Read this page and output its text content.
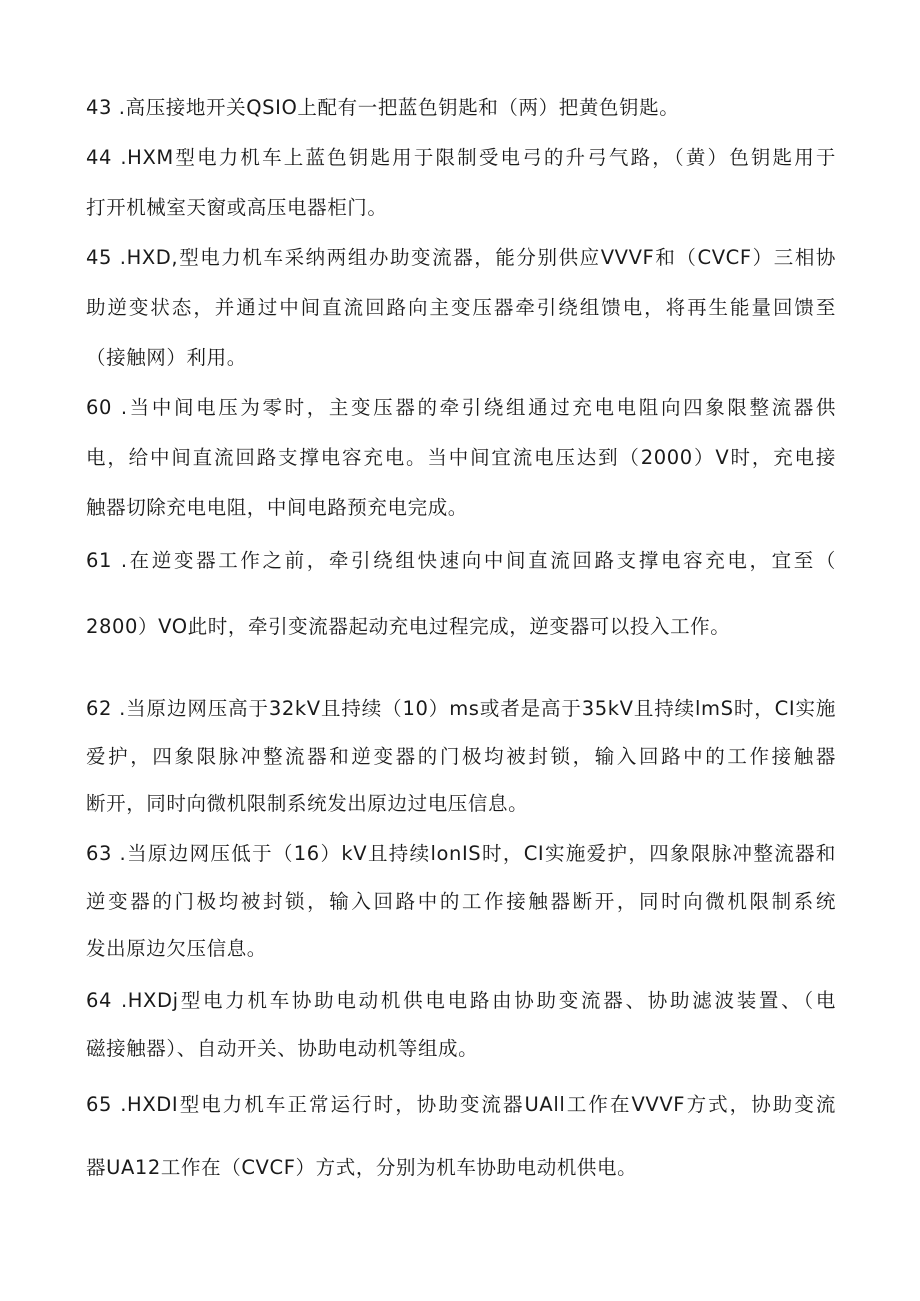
43 .高压接地开关QSIO上配有一把蓝色钥匙和（两）把黄色钥匙。
44 .HXM型电力机车上蓝色钥匙用于限制受电弓的升弓气路，（黄）色钥匙用于
打开机械室天窗或高压电器柜门。
45 .HXD,型电力机车采纳两组办助变流器，能分别供应VVVF和（CVCF）三相协
助逆变状态，并通过中间直流回路向主变压器牵引绕组馈电，将再生能量回馈至
（接触网）利用。
60 .当中间电压为零时，主变压器的牵引绕组通过充电电阻向四象限整流器供
电，给中间直流回路支撑电容充电。当中间宜流电压达到（2000）V时，充电接
触器切除充电电阻，中间电路预充电完成。
61 .在逆变器工作之前，牵引绕组快速向中间直流回路支撑电容充电，宜至（
2800）VO此时，牵引变流器起动充电过程完成，逆变器可以投入工作。
62 .当原边网压高于32kV且持续（10）ms或者是高于35kV且持续lmS时，CI实施
爱护，四象限脉冲整流器和逆变器的门极均被封锁，输入回路中的工作接触器
断开，同时向微机限制系统发出原边过电压信息。
63 .当原边网压低于（16）kV且持续lonIS时，CI实施爱护，四象限脉冲整流器和
逆变器的门极均被封锁，输入回路中的工作接触器断开，同时向微机限制系统
发出原边欠压信息。
64 .HXDj型电力机车协助电动机供电电路由协助变流器、协助滤波装置、（电
磁接触器）、自动开关、协助电动机等组成。
65 .HXDI型电力机车正常运行时，协助变流器UAll工作在VVVF方式，协助变流
器UA12工作在（CVCF）方式，分别为机车协助电动机供电。
